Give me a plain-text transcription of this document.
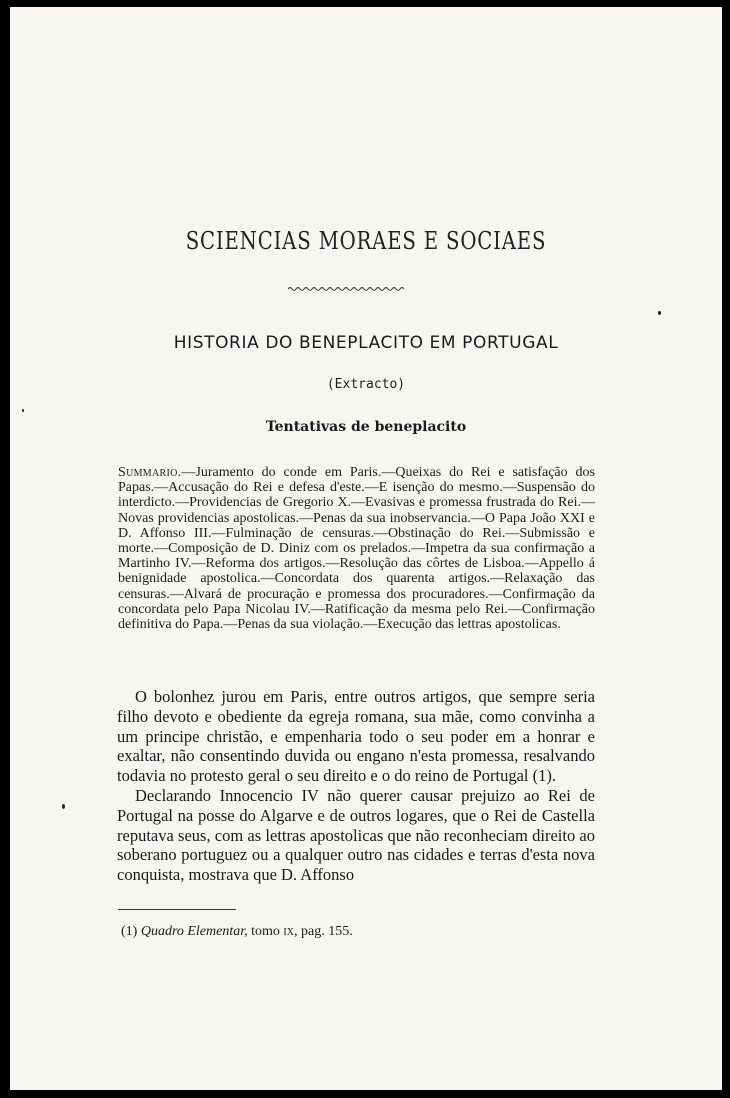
SCIENCIAS MORAES E SOCIAES
HISTORIA DO BENEPLACITO EM PORTUGAL
(Extracto)
Tentativas de beneplacito
Summario.—Juramento do conde em Paris.—Queixas do Rei e satisfação dos Papas.—Accusação do Rei e defesa d'este.—E isenção do mesmo.—Suspensão do interdicto.—Providencias de Gregorio X.—Evasivas e promessa frustrada do Rei.—Novas providencias apostolicas.—Penas da sua inobservancia.—O Papa João XXI e D. Affonso III.—Fulminação de censuras.—Obstinação do Rei.—Submissão e morte.—Composição de D. Diniz com os prelados.—Impetra da sua confirmação a Martinho IV.—Reforma dos artigos.—Resolução das côrtes de Lisboa.—Appello á benignidade apostolica.—Concordata dos quarenta artigos.—Relaxação das censuras.—Alvará de procuração e promessa dos procuradores.—Confirmação da concordata pelo Papa Nicolau IV.—Ratificação da mesma pelo Rei.—Confirmação definitiva do Papa.—Penas da sua violação.—Execução das lettras apostolicas.

O bolonhez jurou em Paris, entre outros artigos, que sempre seria filho devoto e obediente da egreja romana, sua mãe, como convinha a um principe christão, e empenharia todo o seu poder em a honrar e exaltar, não consentindo duvida ou engano n'esta promessa, resalvando todavia no protesto geral o seu direito e o do reino de Portugal (1).

Declarando Innocencio IV não querer causar prejuizo ao Rei de Portugal na posse do Algarve e de outros logares, que o Rei de Castella reputava seus, com as lettras apostolicas que não reconheciam direito ao soberano portuguez ou a qualquer outro nas cidades e terras d'esta nova conquista, mostrava que D. Affonso

(1) Quadro Elementar, tomo ix, pag. 155.
